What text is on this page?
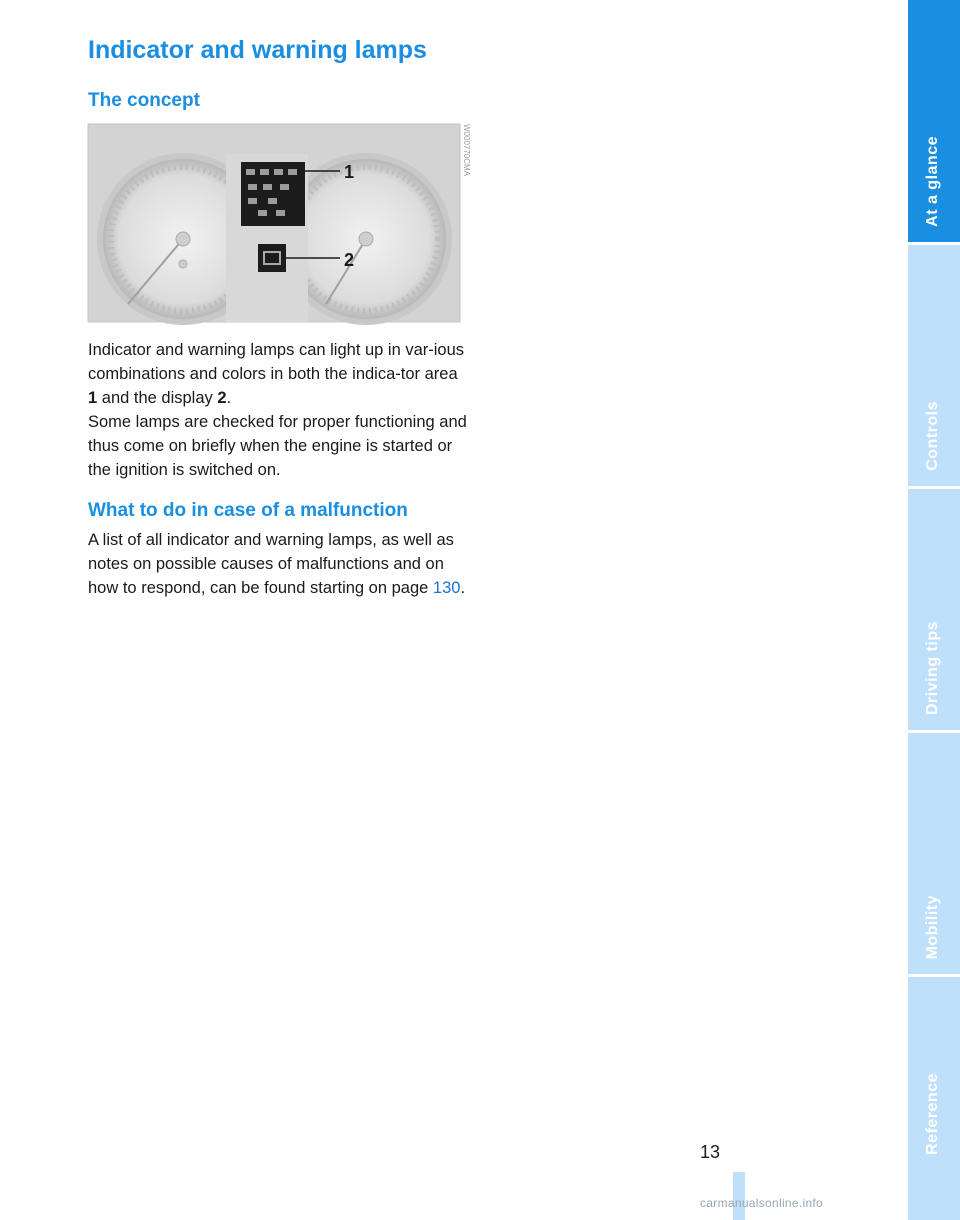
Indicator and warning lamps
The concept
1
2
W000770CMA

Indicator and warning lamps can light up in var-ious combinations and colors in both the indica-tor area 1 and the display 2.

Some lamps are checked for proper functioning and thus come on briefly when the engine is started or the ignition is switched on.

What to do in case of a malfunction

A list of all indicator and warning lamps, as well as notes on possible causes of malfunctions and on how to respond, can be found starting on page 130.

At a glance
Controls
Driving tips
Mobility
Reference
13
carmanualsonline.info
